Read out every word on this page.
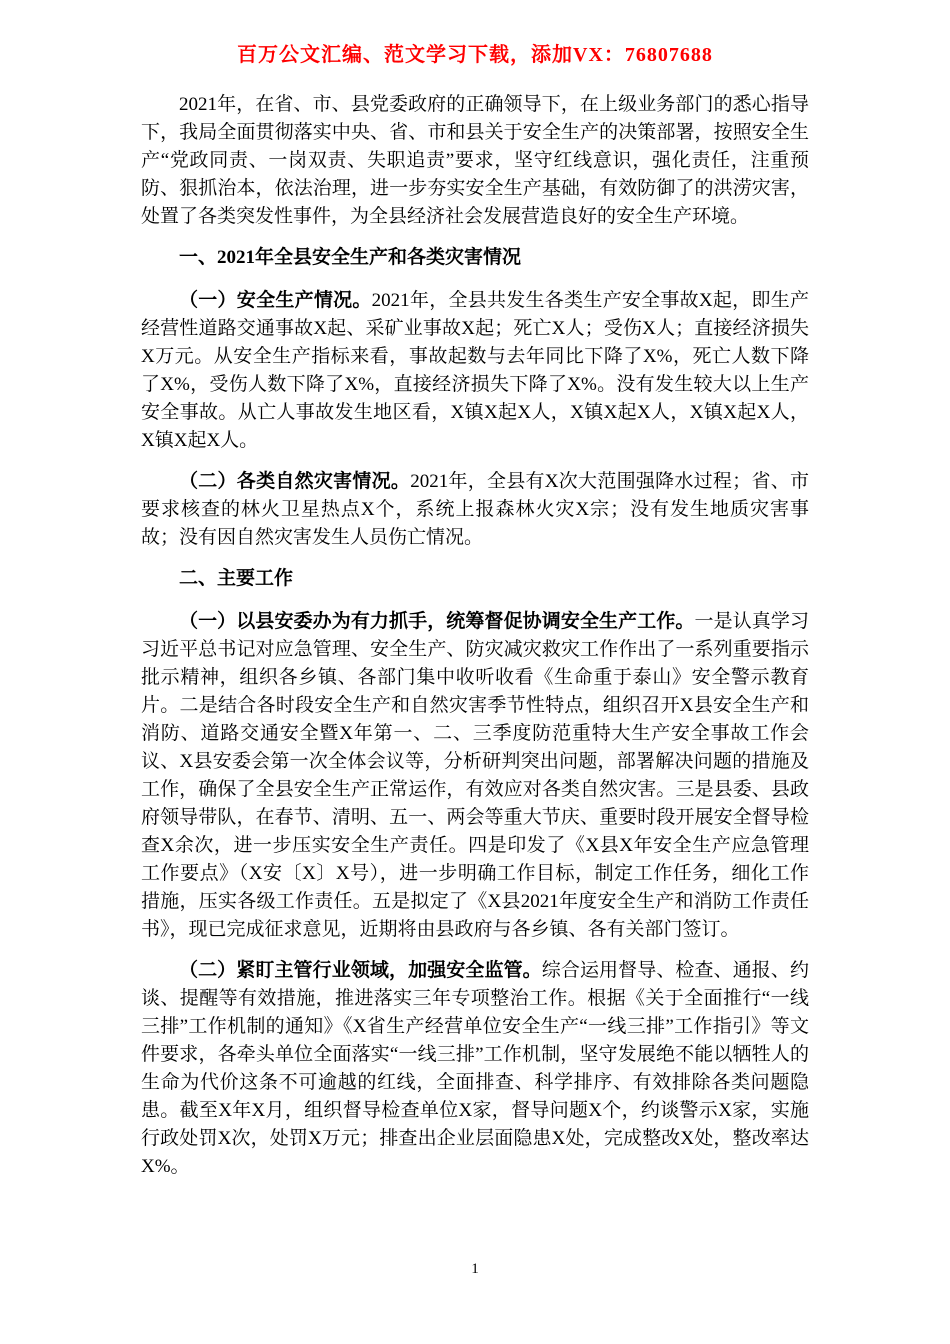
百万公文汇编、范文学习下载，添加VX：76807688

2021年，在省、市、县党委政府的正确领导下，在上级业务部门的悉心指导下，我局全面贯彻落实中央、省、市和县关于安全生产的决策部署，按照安全生产“党政同责、一岗双责、失职追责”要求，坚守红线意识，强化责任，注重预防、狠抓治本，依法治理，进一步夯实安全生产基础，有效防御了的洪涝灾害，处置了各类突发性事件，为全县经济社会发展营造良好的安全生产环境。

一、2021年全县安全生产和各类灾害情况

（一）安全生产情况。2021年，全县共发生各类生产安全事故X起，即生产经营性道路交通事故X起、采矿业事故X起；死亡X人；受伤X人；直接经济损失X万元。从安全生产指标来看，事故起数与去年同比下降了X%，死亡人数下降了X%，受伤人数下降了X%，直接经济损失下降了X%。没有发生较大以上生产安全事故。从亡人事故发生地区看，X镇X起X人，X镇X起X人，X镇X起X人，X镇X起X人。

（二）各类自然灾害情况。2021年，全县有X次大范围强降水过程；省、市要求核查的林火卫星热点X个，系统上报森林火灾X宗；没有发生地质灾害事故；没有因自然灾害发生人员伤亡情况。

二、主要工作

（一）以县安委办为有力抓手，统筹督促协调安全生产工作。一是认真学习习近平总书记对应急管理、安全生产、防灾减灾救灾工作作出了一系列重要指示批示精神，组织各乡镇、各部门集中收听收看《生命重于泰山》安全警示教育片。二是结合各时段安全生产和自然灾害季节性特点，组织召开X县安全生产和消防、道路交通安全暨X年第一、二、三季度防范重特大生产安全事故工作会议、X县安委会第一次全体会议等，分析研判突出问题，部署解决问题的措施及工作，确保了全县安全生产正常运作，有效应对各类自然灾害。三是县委、县政府领导带队，在春节、清明、五一、两会等重大节庆、重要时段开展安全督导检查X余次，进一步压实安全生产责任。四是印发了《X县X年安全生产应急管理工作要点》（X安〔X〕X号），进一步明确工作目标，制定工作任务，细化工作措施，压实各级工作责任。五是拟定了《X县2021年度安全生产和消防工作责任书》，现已完成征求意见，近期将由县政府与各乡镇、各有关部门签订。

（二）紧盯主管行业领域，加强安全监管。综合运用督导、检查、通报、约谈、提醒等有效措施，推进落实三年专项整治工作。根据《关于全面推行“一线三排”工作机制的通知》《X省生产经营单位安全生产“一线三排”工作指引》等文件要求，各牵头单位全面落实“一线三排”工作机制，坚守发展绝不能以牺牲人的生命为代价这条不可逾越的红线，全面排查、科学排序、有效排除各类问题隐患。截至X年X月，组织督导检查单位X家，督导问题X个，约谈警示X家，实施行政处罚X次，处罚X万元；排查出企业层面隐患X处，完成整改X处，整改率达X%。

1
